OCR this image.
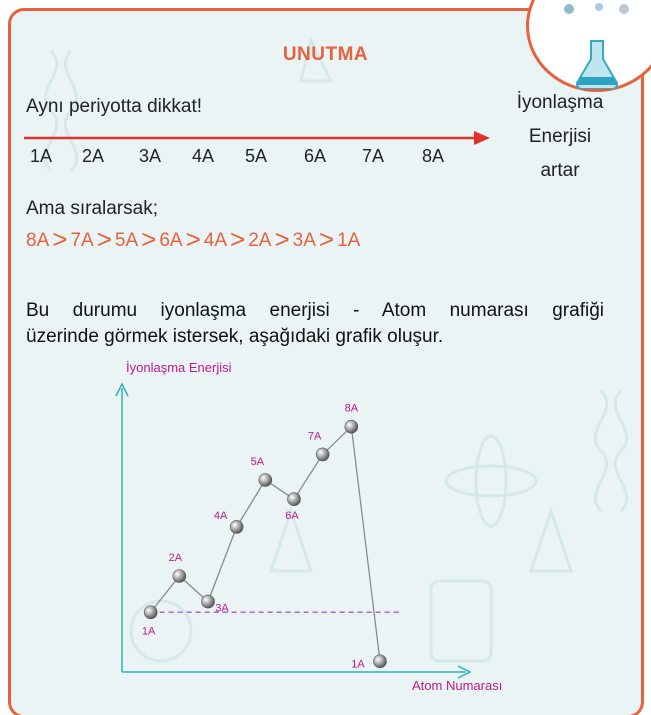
UNUTMA
Aynı periyotta dikkat!
1A 2A 3A 4A 5A 6A 7A 8A
İyonlaşma
Enerjisi
artar
Ama sıralarsak;
8A > 7A > 5A > 6A > 4A > 2A > 3A > 1A
Bu durumu iyonlaşma enerjisi - Atom numarası grafiği
üzerinde görmek istersek, aşağıdaki grafik oluşur.
İyonlaşma Enerjisi
Atom Numarası
1A
2A
3A
4A
5A
6A
7A
8A
1A
